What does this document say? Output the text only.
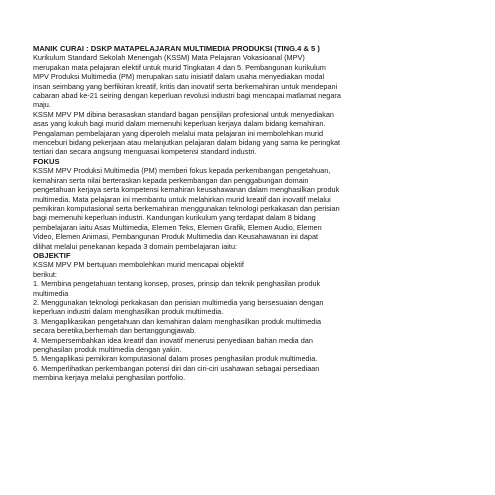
MANIK CURAI : DSKP MATAPELAJARAN MULTIMEDIA PRODUKSI (TING.4 & 5 )

Kurikulum Standard Sekolah Menengah (KSSM) Mata Pelajaran Vokasioanal (MPV)
merupakan mata pelajaran elektif untuk murid Tingkatan 4 dan 5. Pembangunan kurikulum
MPV Produksi Multimedia (PM) merupakan satu inisiatif dalam usaha menyediakan modal
insan seimbang yang berfikiran kreatif, kritis dan inovatif serta berkemahiran untuk mendepani
cabaran abad ke-21 seiring dengan keperluan revolusi industri bagi mencapai matlamat negara
maju.

KSSM MPV PM dibina berasaskan standard bagan pensijilan profesional untuk menyediakan
asas yang kukuh bagi murid dalam memenuhi keperluan kerjaya dalam bidang kemahiran.
Pengalaman pembelajaran yang diperoleh melalui mata pelajaran ini membolehkan murid
menceburi bidang pekerjaan atau melanjutkan pelajaran dalam bidang yang sama ke peringkat
tertiari dan secara angsung menguasai kompetensi standard industri.

FOKUS

KSSM MPV Produksi Multimedia (PM) memberi fokus kepada perkembangan pengetahuan,
kemahiran serta nilai berteraskan kepada perkembangan dan penggabungan domain
pengetahuan kerjaya serta kompetensi kemahiran keusahawanan dalam menghasilkan produk
multimedia. Mata pelajaran ini membantu untuk melahirkan murid kreatif dan inovatif melalui
pemikiran komputasional serta berkemahiran menggunakan teknologi perkakasan dan perisian
bagi memenuhi keperluan industri. Kandungan kurikulum yang terdapat dalam 8 bidang
pembelajaran iaitu Asas Multimedia, Elemen Teks, Elemen Grafik, Elemen Audio, Elemen
Video, Elemen Animasi, Pembangunan Produk Multimedia dan Keusahawanan ini dapat
dilihat melalui penekanan kepada 3 domain pembelajaran iaitu:

OBJEKTIF

KSSM MPV PM bertujuan membolehkan murid mencapai objektif
berikut:

1. Membina pengetahuan tentang konsep, proses, prinsip dan teknik penghasilan produk
multimedia

2. Menggunakan teknologi perkakasan dan perisian multimedia yang bersesuaian dengan
keperluan industri dalam menghasilkan produk multimedia.

3. Mengaplikasikan pengetahuan dan kemahiran dalam menghasilkan produk multimedia
secara beretika,berhemah dan bertanggungjawab.

4. Mempersembahkan idea kreatif dan inovatif menerusi penyediaan bahan media dan
penghasilan produk multimedia dengan yakin.

5. Mengaplikasi pemikiran komputasional dalam proses penghasilan produk multimedia.

6. Memperlihatkan perkembangan potensi diri dan ciri-ciri usahawan sebagai persediaan
membina kerjaya melalui penghasilan portfolio.
